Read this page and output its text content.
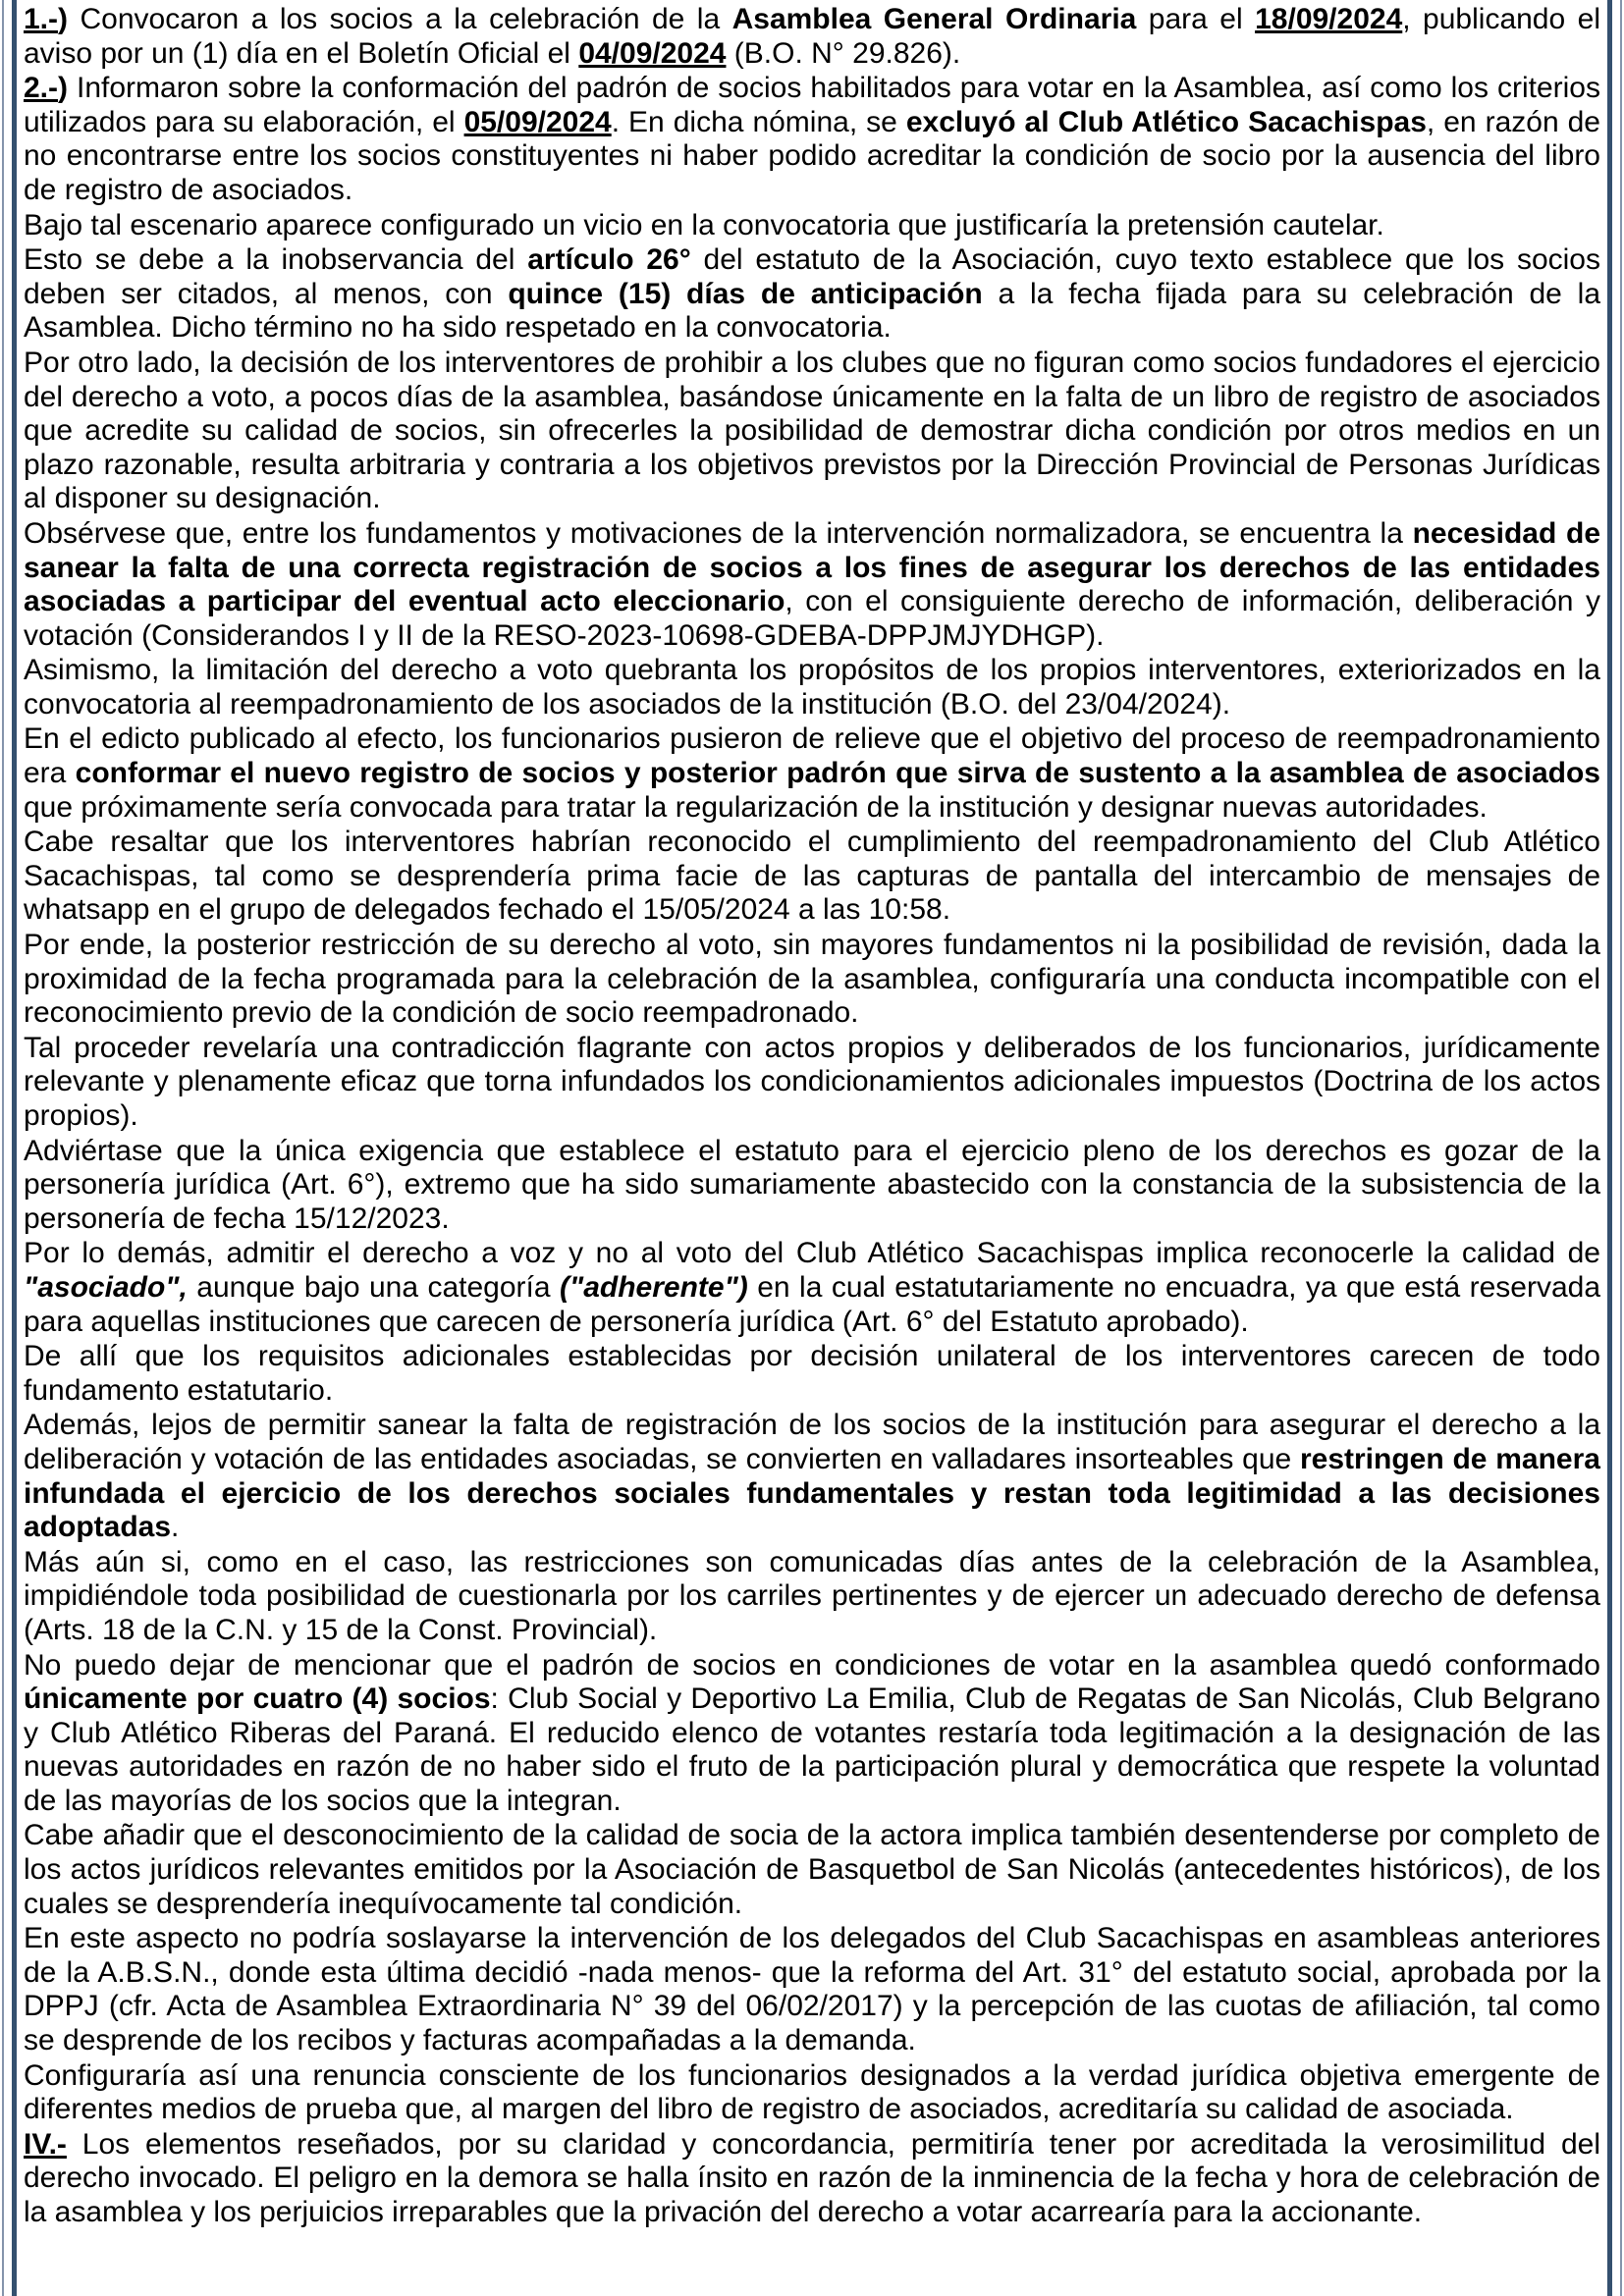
1.-) Convocaron a los socios a la celebración de la Asamblea General Ordinaria para el 18/09/2024, publicando el aviso por un (1) día en el Boletín Oficial el 04/09/2024 (B.O. N° 29.826).

2.-) Informaron sobre la conformación del padrón de socios habilitados para votar en la Asamblea, así como los criterios utilizados para su elaboración, el 05/09/2024. En dicha nómina, se excluyó al Club Atlético Sacachispas, en razón de no encontrarse entre los socios constituyentes ni haber podido acreditar la condición de socio por la ausencia del libro de registro de asociados.

Bajo tal escenario aparece configurado un vicio en la convocatoria que justificaría la pretensión cautelar.

Esto se debe a la inobservancia del artículo 26° del estatuto de la Asociación, cuyo texto establece que los socios deben ser citados, al menos, con quince (15) días de anticipación a la fecha fijada para su celebración de la Asamblea. Dicho término no ha sido respetado en la convocatoria.

Por otro lado, la decisión de los interventores de prohibir a los clubes que no figuran como socios fundadores el ejercicio del derecho a voto, a pocos días de la asamblea, basándose únicamente en la falta de un libro de registro de asociados que acredite su calidad de socios, sin ofrecerles la posibilidad de demostrar dicha condición por otros medios en un plazo razonable, resulta arbitraria y contraria a los objetivos previstos por la Dirección Provincial de Personas Jurídicas al disponer su designación.

Obsérvese que, entre los fundamentos y motivaciones de la intervención normalizadora, se encuentra la necesidad de sanear la falta de una correcta registración de socios a los fines de asegurar los derechos de las entidades asociadas a participar del eventual acto eleccionario, con el consiguiente derecho de información, deliberación y votación (Considerandos I y II de la RESO-2023-10698-GDEBA-DPPJMJYDHGP).

Asimismo, la limitación del derecho a voto quebranta los propósitos de los propios interventores, exteriorizados en la convocatoria al reempadronamiento de los asociados de la institución (B.O. del 23/04/2024).

En el edicto publicado al efecto, los funcionarios pusieron de relieve que el objetivo del proceso de reempadronamiento era conformar el nuevo registro de socios y posterior padrón que sirva de sustento a la asamblea de asociados que próximamente sería convocada para tratar la regularización de la institución y designar nuevas autoridades.

Cabe resaltar que los interventores habrían reconocido el cumplimiento del reempadronamiento del Club Atlético Sacachispas, tal como se desprendería prima facie de las capturas de pantalla del intercambio de mensajes de whatsapp en el grupo de delegados fechado el 15/05/2024 a las 10:58.

Por ende, la posterior restricción de su derecho al voto, sin mayores fundamentos ni la posibilidad de revisión, dada la proximidad de la fecha programada para la celebración de la asamblea, configuraría una conducta incompatible con el reconocimiento previo de la condición de socio reempadronado.

Tal proceder revelaría una contradicción flagrante con actos propios y deliberados de los funcionarios, jurídicamente relevante y plenamente eficaz que torna infundados los condicionamientos adicionales impuestos (Doctrina de los actos propios).

Adviértase que la única exigencia que establece el estatuto para el ejercicio pleno de los derechos es gozar de la personería jurídica (Art. 6°), extremo que ha sido sumariamente abastecido con la constancia de la subsistencia de la personería de fecha 15/12/2023.

Por lo demás, admitir el derecho a voz y no al voto del Club Atlético Sacachispas implica reconocerle la calidad de "asociado", aunque bajo una categoría ("adherente") en la cual estatutariamente no encuadra, ya que está reservada para aquellas instituciones que carecen de personería jurídica (Art. 6° del Estatuto aprobado).

De allí que los requisitos adicionales establecidas por decisión unilateral de los interventores carecen de todo fundamento estatutario.

Además, lejos de permitir sanear la falta de registración de los socios de la institución para asegurar el derecho a la deliberación y votación de las entidades asociadas, se convierten en valladares insorteables que restringen de manera infundada el ejercicio de los derechos sociales fundamentales y restan toda legitimidad a las decisiones adoptadas.

Más aún si, como en el caso, las restricciones son comunicadas días antes de la celebración de la Asamblea, impidiéndole toda posibilidad de cuestionarla por los carriles pertinentes y de ejercer un adecuado derecho de defensa (Arts. 18 de la C.N. y 15 de la Const. Provincial).

No puedo dejar de mencionar que el padrón de socios en condiciones de votar en la asamblea quedó conformado únicamente por cuatro (4) socios: Club Social y Deportivo La Emilia, Club de Regatas de San Nicolás, Club Belgrano y Club Atlético Riberas del Paraná. El reducido elenco de votantes restaría toda legitimación a la designación de las nuevas autoridades en razón de no haber sido el fruto de la participación plural y democrática que respete la voluntad de las mayorías de los socios que la integran.

Cabe añadir que el desconocimiento de la calidad de socia de la actora implica también desentenderse por completo de los actos jurídicos relevantes emitidos por la Asociación de Basquetbol de San Nicolás (antecedentes históricos), de los cuales se desprendería inequívocamente tal condición.

En este aspecto no podría soslayarse la intervención de los delegados del Club Sacachispas en asambleas anteriores de la A.B.S.N., donde esta última decidió -nada menos- que la reforma del Art. 31° del estatuto social, aprobada por la DPPJ (cfr. Acta de Asamblea Extraordinaria N° 39 del 06/02/2017) y la percepción de las cuotas de afiliación, tal como se desprende de los recibos y facturas acompañadas a la demanda.

Configuraría así una renuncia consciente de los funcionarios designados a la verdad jurídica objetiva emergente de diferentes medios de prueba que, al margen del libro de registro de asociados, acreditaría su calidad de asociada.

IV.- Los elementos reseñados, por su claridad y concordancia, permitiría tener por acreditada la verosimilitud del derecho invocado. El peligro en la demora se halla ínsito en razón de la inminencia de la fecha y hora de celebración de la asamblea y los perjuicios irreparables que la privación del derecho a votar acarrearía para la accionante.
